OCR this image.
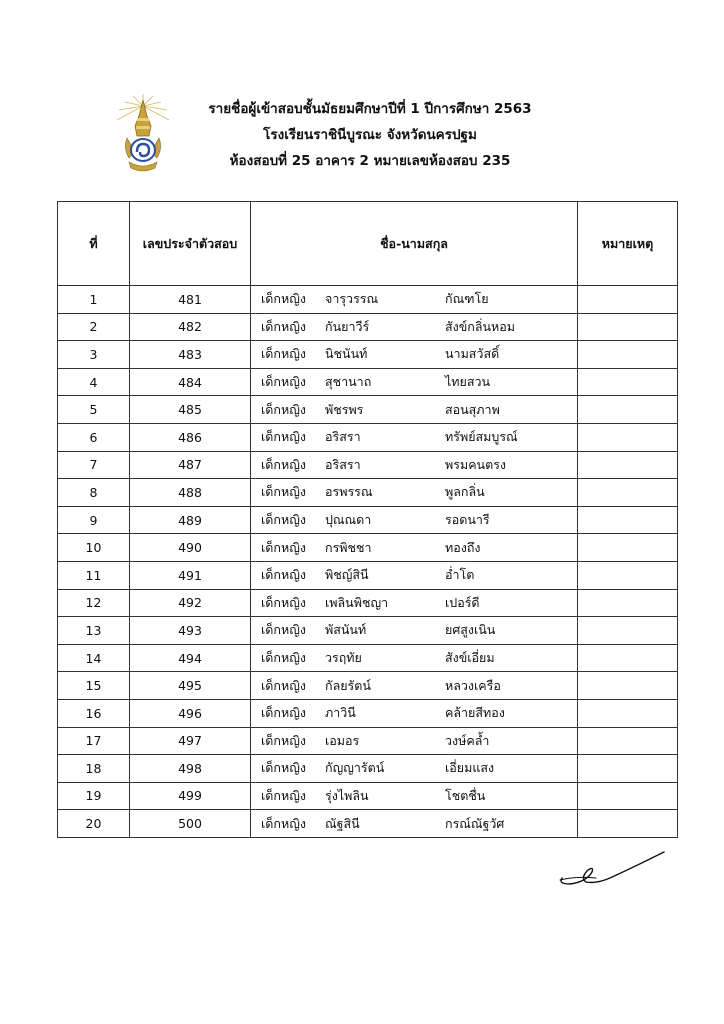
รายชื่อผู้เข้าสอบชั้นมัธยมศึกษาปีที่ 1 ปีการศึกษา 2563
โรงเรียนราชินีบูรณะ จังหวัดนครปฐม
ห้องสอบที่ 25 อาคาร 2 หมายเลขห้องสอบ 235
ที่	เลขประจำตัวสอบ	ชื่อ-นามสกุล	หมายเหตุ
1	481	เด็กหญิง จารุวรรณ กัณฑโย	

2	482	เด็กหญิง กันยาวีร์ สังข์กลิ่นหอม	

3	483	เด็กหญิง นิชนันท์ นามสวัสดิ์	

4	484	เด็กหญิง สุชานาถ ไทยสวน	

5	485	เด็กหญิง พัชรพร สอนสุภาพ	

6	486	เด็กหญิง อริสรา ทรัพย์สมบูรณ์	

7	487	เด็กหญิง อริสรา พรมคนตรง	

8	488	เด็กหญิง อรพรรณ พูลกลิ่น	

9	489	เด็กหญิง ปุณณดา รอดนารี	

10	490	เด็กหญิง กรพิชชา ทองถึง	

11	491	เด็กหญิง พิชญ์สินี อ่ำโต	

12	492	เด็กหญิง เพลินพิชญา เปอร์ดี	

13	493	เด็กหญิง พัสนันท์ ยศสูงเนิน	

14	494	เด็กหญิง วรฤทัย สังข์เอี่ยม	

15	495	เด็กหญิง กัลยรัตน์ หลวงเครือ	

16	496	เด็กหญิง ภาวินี คล้ายสีทอง	

17	497	เด็กหญิง เอมอร วงษ์คล้ำ	

18	498	เด็กหญิง กัญญารัตน์ เอี่ยมแสง	

19	499	เด็กหญิง รุ่งไพลิน โชตชื่น	

20	500	เด็กหญิง ณัฐสินี กรณ์ณัฐวัศ	
